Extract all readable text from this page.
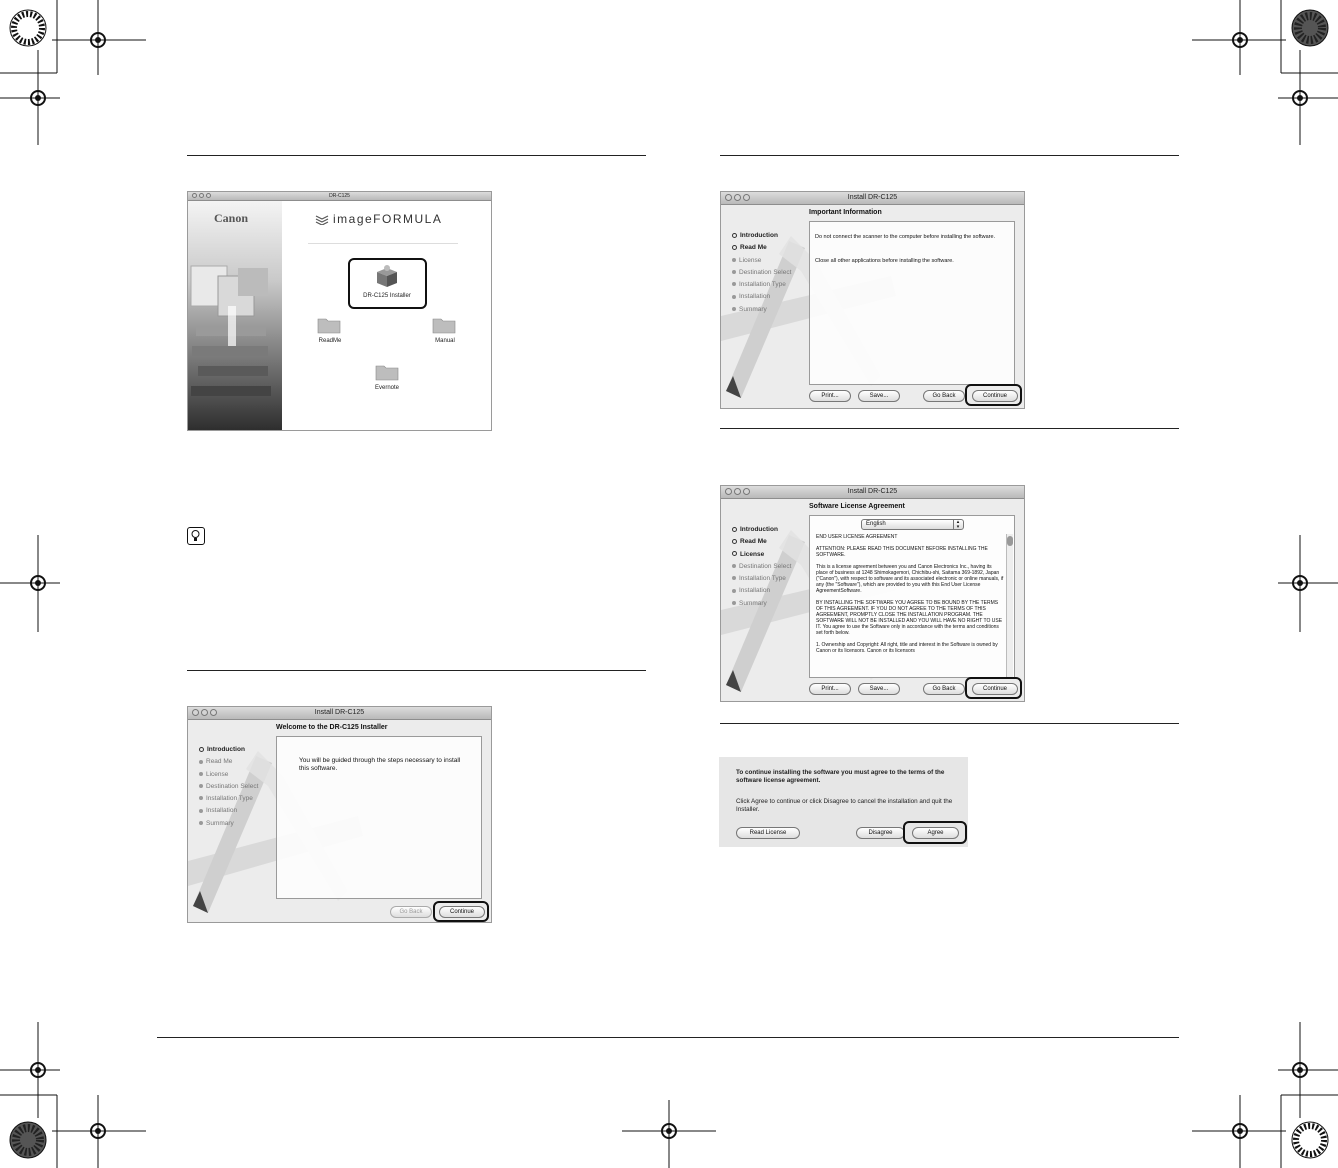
DR-C125
Canon	imageFORMULA
DR-C125 Installer
ReadMe	Manual
Evernote
Install DR-C125
Welcome to the DR-C125 Installer
Introduction
Read Me
License
Destination Select
Installation Type
Installation
Summary
You will be guided through the steps necessary to install this software.
Go Back	Continue
Install DR-C125
Important Information
Introduction
Read Me
License
Destination Select
Installation Type
Installation
Summary
Do not connect the scanner to the computer before installing the software.
Close all other applications before installing the software.
Print...	Save...	Go Back	Continue
Install DR-C125
Software License Agreement
Introduction
Read Me
License
Destination Select
Installation Type
Installation
Summary
English	▴
▾
END USER LICENSE AGREEMENT
ATTENTION: PLEASE READ THIS DOCUMENT BEFORE INSTALLING THE SOFTWARE.
This is a license agreement between you and Canon Electronics Inc., having its place of business at 1248 Shimokagemori, Chichibu-shi, Saitama 369-1892, Japan ("Canon"), with respect to software and its associated electronic or online manuals, if any (the "Software"), which are provided to you with this End User License AgreementSoftware.
BY INSTALLING THE SOFTWARE YOU AGREE TO BE BOUND BY THE TERMS OF THIS AGREEMENT. IF YOU DO NOT AGREE TO THE TERMS OF THIS AGREEMENT, PROMPTLY CLOSE THE INSTALLATION PROGRAM. THE SOFTWARE WILL NOT BE INSTALLED AND YOU WILL HAVE NO RIGHT TO USE IT. You agree to use the Software only in accordance with the terms and conditions set forth below.
1. Ownership and Copyright: All right, title and interest in the Software is owned by Canon or its licensors. Canon or its licensors
Print...	Save...	Go Back	Continue
To continue installing the software you must agree to the terms of the software license agreement.
Click Agree to continue or click Disagree to cancel the installation and quit the Installer.
Read License	Disagree	Agree
